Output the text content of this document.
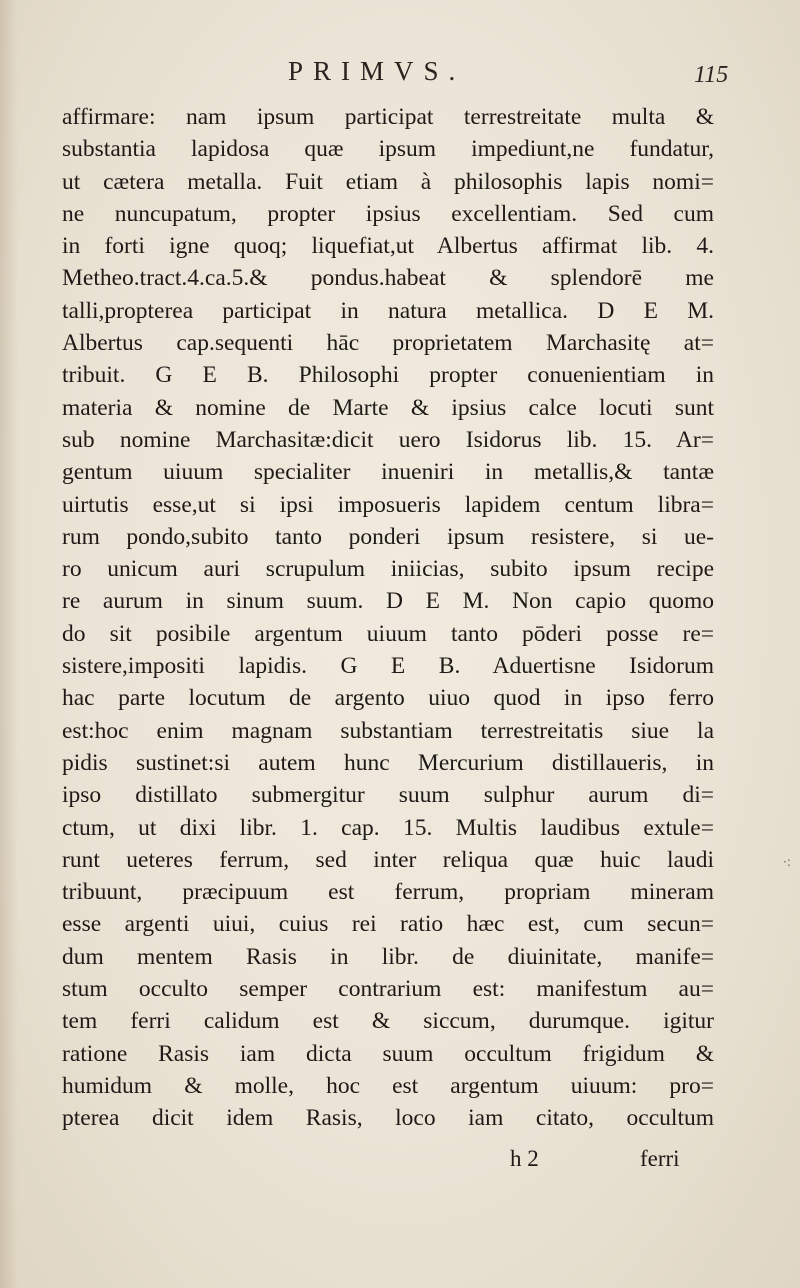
PRIMVS.	115
affirmare: nam ipsum participat terrestreitate multa &
substantia lapidosa quæ ipsum impediunt,ne fundatur,
ut cætera metalla. Fuit etiam à philosophis lapis nomi=
ne nuncupatum, propter ipsius excellentiam. Sed cum
in forti igne quoq; liquefiat,ut Albertus affirmat lib. 4.
Metheo.tract.4.ca.5.& pondus.habeat & splendorē me
talli,propterea participat in natura metallica. D E M.
Albertus cap.sequenti hāc proprietatem Marchasitę at=
tribuit. G E B. Philosophi propter conuenientiam in
materia & nomine de Marte & ipsius calce locuti sunt
sub nomine Marchasitæ:dicit uero Isidorus lib. 15. Ar=
gentum uiuum specialiter inueniri in metallis,& tantæ
uirtutis esse,ut si ipsi imposueris lapidem centum libra=
rum pondo,subito tanto ponderi ipsum resistere, si ue-
ro unicum auri scrupulum iniicias, subito ipsum recipe
re aurum in sinum suum. D E M. Non capio quomo
do sit posibile argentum uiuum tanto pōderi posse re=
sistere,impositi lapidis. G E B. Aduertisne Isidorum
hac parte locutum de argento uiuo quod in ipso ferro
est:hoc enim magnam substantiam terrestreitatis siue la
pidis sustinet:si autem hunc Mercurium distillaueris, in
ipso distillato submergitur suum sulphur aurum di=
ctum, ut dixi libr. 1. cap. 15. Multis laudibus extule=
runt ueteres ferrum, sed inter reliqua quæ huic laudi
tribuunt, præcipuum est ferrum, propriam mineram
esse argenti uiui, cuius rei ratio hæc est, cum secun=
dum mentem Rasis in libr. de diuinitate, manife=
stum occulto semper contrarium est: manifestum au=
tem ferri calidum est & siccum, durumque. igitur
ratione Rasis iam dicta suum occultum frigidum &
humidum & molle, hoc est argentum uiuum: pro=
pterea dicit idem Rasis, loco iam citato, occultum
h 2	ferri
·:
